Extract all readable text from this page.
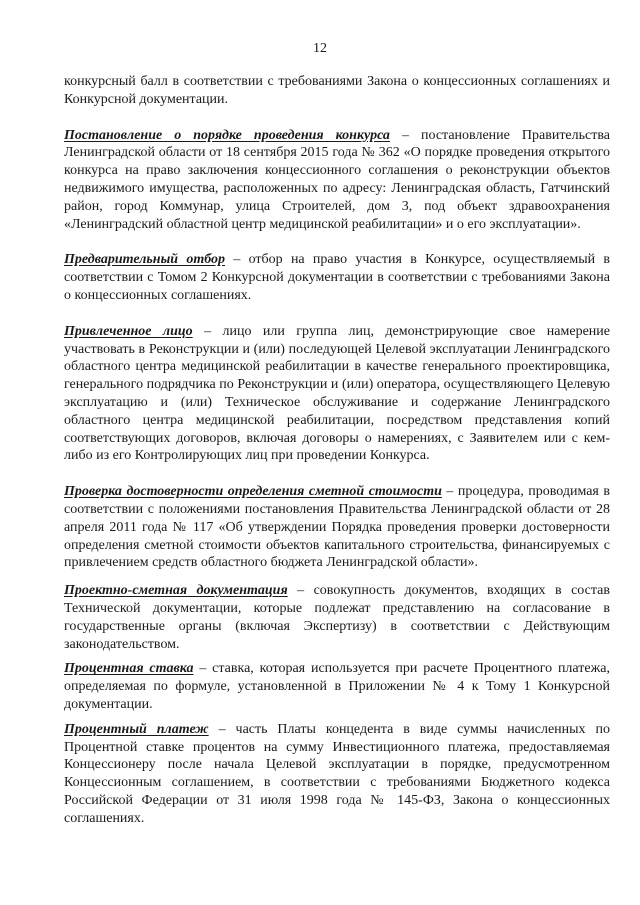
12

конкурсный балл в соответствии с требованиями Закона о концессионных соглашениях и Конкурсной документации.

Постановление о порядке проведения конкурса – постановление Правительства Ленинградской области от 18 сентября 2015 года № 362 «О порядке проведения открытого конкурса на право заключения концессионного соглашения о реконструкции объектов недвижимого имущества, расположенных по адресу: Ленинградская область, Гатчинский район, город Коммунар, улица Строителей, дом 3, под объект здравоохранения «Ленинградский областной центр медицинской реабилитации» и о его эксплуатации».

Предварительный отбор – отбор на право участия в Конкурсе, осуществляемый в соответствии с Томом 2 Конкурсной документации в соответствии с требованиями Закона о концессионных соглашениях.

Привлеченное лицо – лицо или группа лиц, демонстрирующие свое намерение участвовать в Реконструкции и (или) последующей Целевой эксплуатации Ленинградского областного центра медицинской реабилитации в качестве генерального проектировщика, генерального подрядчика по Реконструкции и (или) оператора, осуществляющего Целевую эксплуатацию и (или) Техническое обслуживание и содержание Ленинградского областного центра медицинской реабилитации, посредством представления копий соответствующих договоров, включая договоры о намерениях, с Заявителем или с кем-либо из его Контролирующих лиц при проведении Конкурса.

Проверка достоверности определения сметной стоимости – процедура, проводимая в соответствии с положениями постановления Правительства Ленинградской области от 28 апреля 2011 года № 117 «Об утверждении Порядка проведения проверки достоверности определения сметной стоимости объектов капитального строительства, финансируемых с привлечением средств областного бюджета Ленинградской области».

Проектно-сметная документация – совокупность документов, входящих в состав Технической документации, которые подлежат представлению на согласование в государственные органы (включая Экспертизу) в соответствии с Действующим законодательством.

Процентная ставка – ставка, которая используется при расчете Процентного платежа, определяемая по формуле, установленной в Приложении № 4 к Тому 1 Конкурсной документации.

Процентный платеж – часть Платы концедента в виде суммы начисленных по Процентной ставке процентов на сумму Инвестиционного платежа, предоставляемая Концессионеру после начала Целевой эксплуатации в порядке, предусмотренном Концессионным соглашением, в соответствии с требованиями Бюджетного кодекса Российской Федерации от 31 июля 1998 года № 145-ФЗ, Закона о концессионных соглашениях.
